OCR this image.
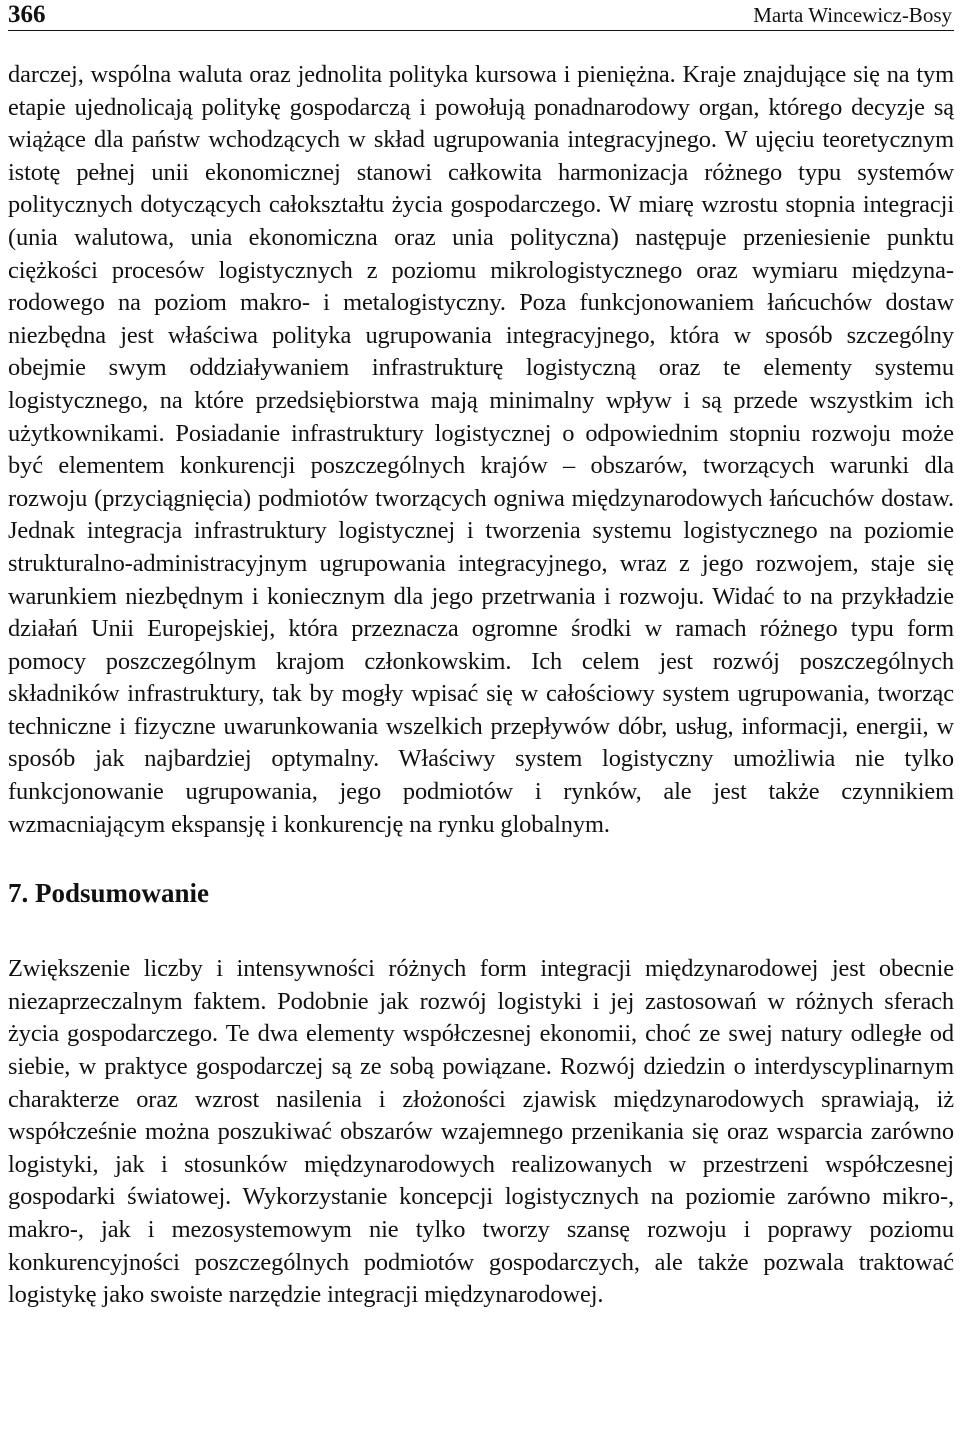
366	Marta Wincewicz-Bosy

darczej, wspólna waluta oraz jednolita polityka kursowa i pieniężna. Kraje znajdujące się na tym etapie ujednolicają politykę gospodarczą i powołują ponadnarodowy organ, którego decyzje są wiążące dla państw wchodzących w skład ugrupowania integracyjnego. W ujęciu teoretycznym istotę pełnej unii ekonomicznej stanowi całkowita harmonizacja różnego typu systemów politycznych dotyczących całokształtu życia gospodarczego. W miarę wzrostu stopnia integracji (unia walutowa, unia ekonomiczna oraz unia polityczna) następuje przeniesienie punktu ciężkości procesów logistycznych z poziomu mikrologistycznego oraz wymiaru międzynarodowego na poziom makro- i metalogistyczny. Poza funkcjonowaniem łańcuchów dostaw niezbędna jest właściwa polityka ugrupowania integracyjnego, która w sposób szczególny obejmie swym oddziaływaniem infrastrukturę logistyczną oraz te elementy systemu logistycznego, na które przedsiębiorstwa mają minimalny wpływ i są przede wszystkim ich użytkownikami. Posiadanie infrastruktury logistycznej o odpowiednim stopniu rozwoju może być elementem konkurencji poszczególnych krajów – obszarów, tworzących warunki dla rozwoju (przyciągnięcia) podmiotów tworzących ogniwa międzynarodowych łańcuchów dostaw. Jednak integracja infrastruktury logistycznej i tworzenia systemu logistycznego na poziomie strukturalno-administracyjnym ugrupowania integracyjnego, wraz z jego rozwojem, staje się warunkiem niezbędnym i koniecznym dla jego przetrwania i rozwoju. Widać to na przykładzie działań Unii Europejskiej, która przeznacza ogromne środki w ramach różnego typu form pomocy poszczególnym krajom członkowskim. Ich celem jest rozwój poszczególnych składników infrastruktury, tak by mogły wpisać się w całościowy system ugrupowania, tworząc techniczne i fizyczne uwarunkowania wszelkich przepływów dóbr, usług, informacji, energii, w sposób jak najbardziej optymalny. Właściwy system logistyczny umożliwia nie tylko funkcjonowanie ugrupowania, jego podmiotów i rynków, ale jest także czynnikiem wzmacniającym ekspansję i konkurencję na rynku globalnym.

7. Podsumowanie

Zwiększenie liczby i intensywności różnych form integracji międzynarodowej jest obecnie niezaprzeczalnym faktem. Podobnie jak rozwój logistyki i jej zastosowań w różnych sferach życia gospodarczego. Te dwa elementy współczesnej ekonomii, choć ze swej natury odległe od siebie, w praktyce gospodarczej są ze sobą powiązane. Rozwój dziedzin o interdyscyplinarnym charakterze oraz wzrost nasilenia i złożoności zjawisk międzynarodowych sprawiają, iż współcześnie można poszukiwać obszarów wzajemnego przenikania się oraz wsparcia zarówno logistyki, jak i stosunków międzynarodowych realizowanych w przestrzeni współczesnej gospodarki światowej. Wykorzystanie koncepcji logistycznych na poziomie zarówno mikro-, makro-, jak i mezosystemowym nie tylko tworzy szansę rozwoju i poprawy poziomu konkurencyjności poszczególnych podmiotów gospodarczych, ale także pozwala traktować logistykę jako swoiste narzędzie integracji międzynarodowej.
